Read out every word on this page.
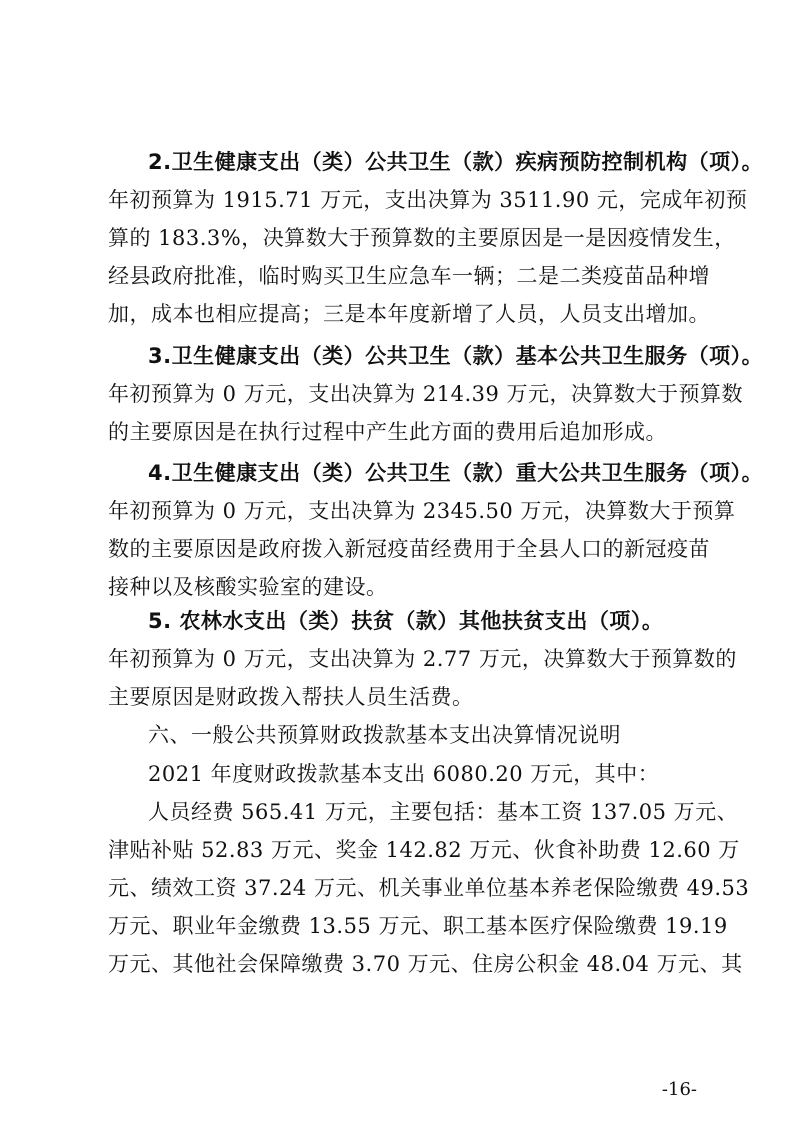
2.卫生健康支出（类）公共卫生（款）疾病预防控制机构（项）。
年初预算为 1915.71 万元，支出决算为 3511.90 元，完成年初预
算的 183.3%，决算数大于预算数的主要原因是一是因疫情发生，
经县政府批准，临时购买卫生应急车一辆；二是二类疫苗品种增
加，成本也相应提高；三是本年度新增了人员，人员支出增加。
3.卫生健康支出（类）公共卫生（款）基本公共卫生服务（项）。
年初预算为 0 万元，支出决算为 214.39 万元，决算数大于预算数
的主要原因是在执行过程中产生此方面的费用后追加形成。
4.卫生健康支出（类）公共卫生（款）重大公共卫生服务（项）。
年初预算为 0 万元，支出决算为 2345.50 万元，决算数大于预算
数的主要原因是政府拨入新冠疫苗经费用于全县人口的新冠疫苗
接种以及核酸实验室的建设。
5. 农林水支出（类）扶贫（款）其他扶贫支出（项）。
年初预算为 0 万元，支出决算为 2.77 万元，决算数大于预算数的
主要原因是财政拨入帮扶人员生活费。
六、一般公共预算财政拨款基本支出决算情况说明
2021 年度财政拨款基本支出 6080.20 万元，其中：
人员经费 565.41 万元，主要包括：基本工资 137.05 万元、
津贴补贴 52.83 万元、奖金 142.82 万元、伙食补助费 12.60 万
元、绩效工资 37.24 万元、机关事业单位基本养老保险缴费 49.53
万元、职业年金缴费 13.55 万元、职工基本医疗保险缴费 19.19
万元、其他社会保障缴费 3.70 万元、住房公积金 48.04 万元、其
-16-
